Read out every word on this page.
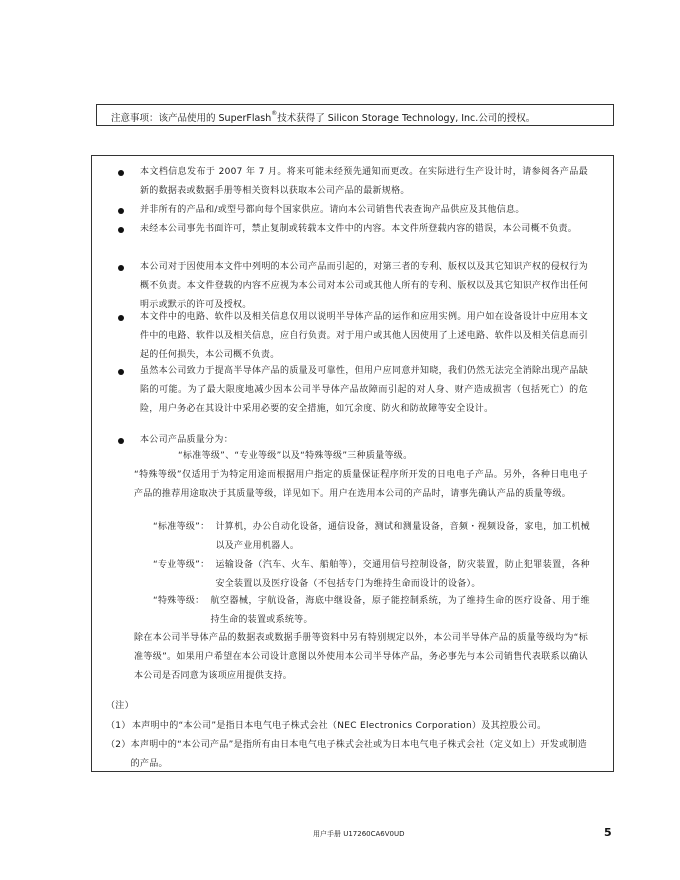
注意事项：该产品使用的 SuperFlash®技术获得了 Silicon Storage Technology, Inc.公司的授权。
本文档信息发布于 2007 年 7 月。将来可能未经预先通知而更改。在实际进行生产设计时，请参阅各产品最新的数据表或数据手册等相关资料以获取本公司产品的最新规格。
并非所有的产品和/或型号都向每个国家供应。请向本公司销售代表查询产品供应及其他信息。
未经本公司事先书面许可，禁止复制或转载本文件中的内容。本文件所登载内容的错误，本公司概不负责。
本公司对于因使用本文件中列明的本公司产品而引起的，对第三者的专利、版权以及其它知识产权的侵权行为概不负责。本文件登载的内容不应视为本公司对本公司或其他人所有的专利、版权以及其它知识产权作出任何明示或默示的许可及授权。
本文件中的电路、软件以及相关信息仅用以说明半导体产品的运作和应用实例。用户如在设备设计中应用本文件中的电路、软件以及相关信息，应自行负责。对于用户或其他人因使用了上述电路、软件以及相关信息而引起的任何损失，本公司概不负责。
虽然本公司致力于提高半导体产品的质量及可靠性，但用户应同意并知晓，我们仍然无法完全消除出现产品缺陷的可能。为了最大限度地减少因本公司半导体产品故障而引起的对人身、财产造成损害（包括死亡）的危险，用户务必在其设计中采用必要的安全措施，如冗余度、防火和防故障等安全设计。
本公司产品质量分为：
“标准等级”、“专业等级”以及“特殊等级”三种质量等级。
“特殊等级”仅适用于为特定用途而根据用户指定的质量保证程序所开发的日电电子产品。另外，各种日电电子产品的推荐用途取决于其质量等级，详见如下。用户在选用本公司的产品时，请事先确认产品的质量等级。
“标准等级”： 计算机，办公自动化设备，通信设备，测试和测量设备，音频・视频设备，家电，加工机械以及产业用机器人。
“专业等级”： 运输设备（汽车、火车、船舶等），交通用信号控制设备，防灾装置，防止犯罪装置，各种安全装置以及医疗设备（不包括专门为维持生命而设计的设备）。
“特殊等级： 航空器械，宇航设备，海底中继设备，原子能控制系统，为了维持生命的医疗设备、用于维持生命的装置或系统等。
除在本公司半导体产品的数据表或数据手册等资料中另有特别规定以外，本公司半导体产品的质量等级均为“标准等级”。如果用户希望在本公司设计意图以外使用本公司半导体产品，务必事先与本公司销售代表联系以确认本公司是否同意为该项应用提供支持。
（注）
（1） 本声明中的“本公司”是指日本电气电子株式会社（NEC Electronics Corporation）及其控股公司。
（2） 本声明中的“本公司产品”是指所有由日本电气电子株式会社或为日本电气电子株式会社（定义如上）开发或制造的产品。
用户手册 U17260CA6V0UD	5
